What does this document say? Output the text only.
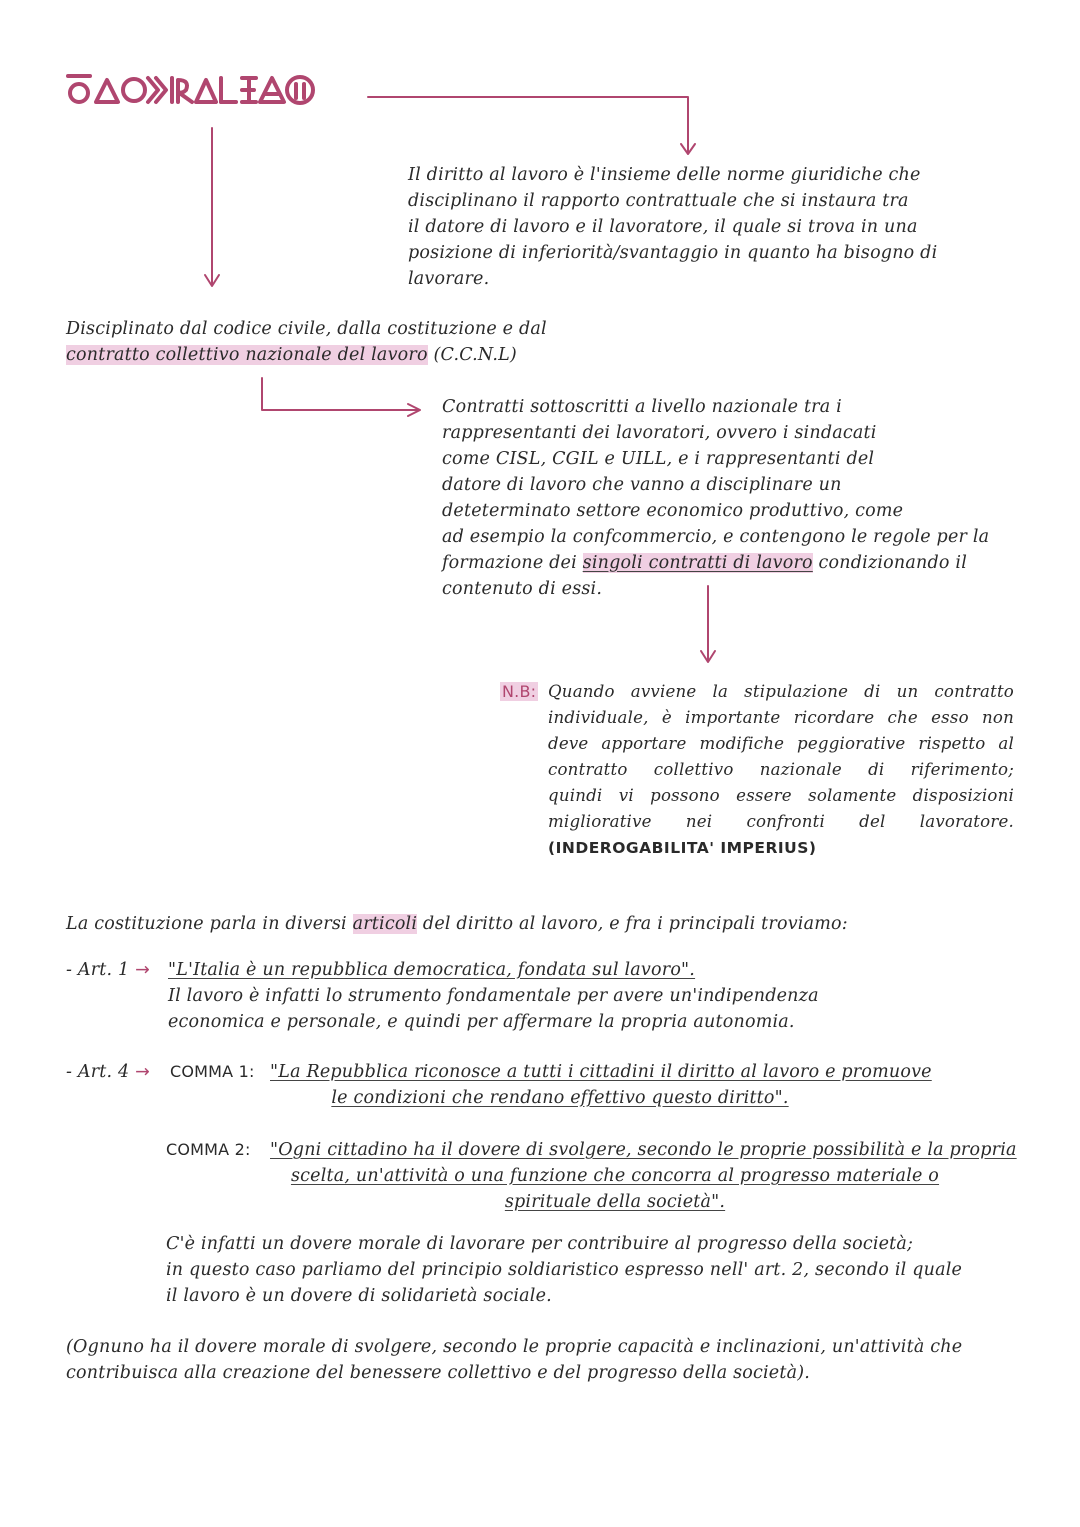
Il diritto al lavoro è l'insieme delle norme giuridiche che
disciplinano il rapporto contrattuale che si instaura tra
il datore di lavoro e il lavoratore, il quale si trova in una
posizione di inferiorità/svantaggio in quanto ha bisogno di
lavorare.
Disciplinato dal codice civile, dalla costituzione e dal
contratto collettivo nazionale del lavoro (C.C.N.L)
Contratti sottoscritti a livello nazionale tra i
rappresentanti dei lavoratori, ovvero i sindacati
come CISL, CGIL e UILL, e i rappresentanti del
datore di lavoro che vanno a disciplinare un
deteterminato settore economico produttivo, come
ad esempio la confcommercio, e contengono le regole per la
formazione dei singoli contratti di lavoro condizionando il
contenuto di essi.
N.B: Quando avviene la stipulazione di un contratto
individuale, è importante ricordare che esso non
deve apportare modifiche peggiorative rispetto al
contratto collettivo nazionale di riferimento;
quindi vi possono essere solamente disposizioni
migliorative nei confronti del lavoratore.
(INDEROGABILITA' IMPERIUS)
La costituzione parla in diversi articoli del diritto al lavoro, e fra i principali troviamo:
- Art. 1 → "L'Italia è un repubblica democratica, fondata sul lavoro".
Il lavoro è infatti lo strumento fondamentale per avere un'indipendenza
economica e personale, e quindi per affermare la propria autonomia.
- Art. 4 → COMMA 1: "La Repubblica riconosce a tutti i cittadini il diritto al lavoro e promuove
le condizioni che rendano effettivo questo diritto".
COMMA 2: "Ogni cittadino ha il dovere di svolgere, secondo le proprie possibilità e la propria
scelta, un'attività o una funzione che concorra al progresso materiale o
spirituale della società".
C'è infatti un dovere morale di lavorare per contribuire al progresso della società;
in questo caso parliamo del principio soldiaristico espresso nell' art. 2, secondo il quale
il lavoro è un dovere di solidarietà sociale.
(Ognuno ha il dovere morale di svolgere, secondo le proprie capacità e inclinazioni, un'attività che
contribuisca alla creazione del benessere collettivo e del progresso della società).
